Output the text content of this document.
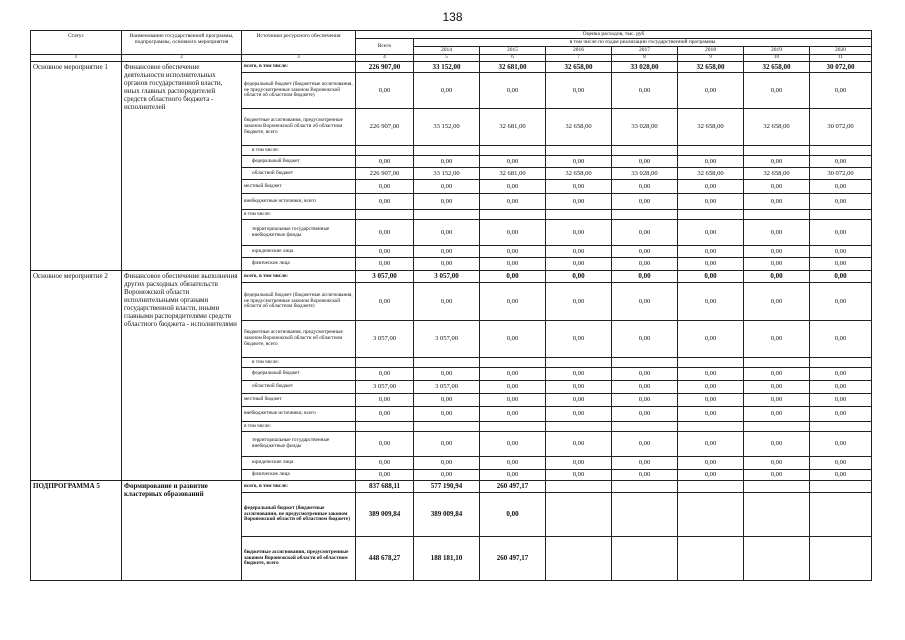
138
Статус	Наименование государственной программы, подпрограммы, основного мероприятия	Источники ресурсного обеспечения	Оценка расходов, тыс. руб							
			Всего	в том числе по годам реализации государственной программы						
				2014	2015	2016	2017	2018	2019	2020
1	2	3	4	5	6	7	8	9	10	11
Основное мероприятие 1	Финансовое обеспечение деятельности исполнительных органов государственной власти, иных главных распорядителей средств областного бюджета - исполнителей	всего, в том числе:	226 907,00	33 152,00	32 681,00	32 658,00	33 028,00	32 658,00	32 658,00	30 072,00
		федеральный бюджет (бюджетные ассигнования, не предусмотренные законом Воронежской области об областном бюджете)	0,00	0,00	0,00	0,00	0,00	0,00	0,00	0,00
		бюджетные ассигнования, предусмотренные законом Воронежской области об областном бюджете, всего	226 907,00	33 152,00	32 681,00	32 658,00	33 028,00	32 658,00	32 658,00	30 072,00
		в том числе:								
		федеральный бюджет	0,00	0,00	0,00	0,00	0,00	0,00	0,00	0,00
		областной бюджет	226 907,00	33 152,00	32 681,00	32 658,00	33 028,00	32 658,00	32 658,00	30 072,00
		местный бюджет	0,00	0,00	0,00	0,00	0,00	0,00	0,00	0,00
		внебюджетные источники, всего	0,00	0,00	0,00	0,00	0,00	0,00	0,00	0,00
		в том числе:								
		территориальные государственные внебюджетные фонды	0,00	0,00	0,00	0,00	0,00	0,00	0,00	0,00
		юридические лица	0,00	0,00	0,00	0,00	0,00	0,00	0,00	0,00
		физические лица	0,00	0,00	0,00	0,00	0,00	0,00	0,00	0,00
Основное мероприятие 2	Финансовое обеспечение выполнения других расходных обязательств Воронежской области исполнительными органами государственной власти, иными главными распорядителями средств областного бюджета - исполнителями	всего, в том числе:	3 057,00	3 057,00	0,00	0,00	0,00	0,00	0,00	0,00
		федеральный бюджет (бюджетные ассигнования, не предусмотренные законом Воронежской области об областном бюджете)	0,00	0,00	0,00	0,00	0,00	0,00	0,00	0,00
		бюджетные ассигнования, предусмотренные законом Воронежской области об областном бюджете, всего	3 057,00	3 057,00	0,00	0,00	0,00	0,00	0,00	0,00
		в том числе:								
		федеральный бюджет	0,00	0,00	0,00	0,00	0,00	0,00	0,00	0,00
		областной бюджет	3 057,00	3 057,00	0,00	0,00	0,00	0,00	0,00	0,00
		местный бюджет	0,00	0,00	0,00	0,00	0,00	0,00	0,00	0,00
		внебюджетные источники, всего	0,00	0,00	0,00	0,00	0,00	0,00	0,00	0,00
		в том числе:								
		территориальные государственные внебюджетные фонды	0,00	0,00	0,00	0,00	0,00	0,00	0,00	0,00
		юридические лица	0,00	0,00	0,00	0,00	0,00	0,00	0,00	0,00
		физические лица	0,00	0,00	0,00	0,00	0,00	0,00	0,00	0,00
ПОДПРОГРАММА 5	Формирование и развитие кластерных образований	всего, в том числе:	837 688,11	577 190,94	260 497,17					
		федеральный бюджет (бюджетные ассигнования, не предусмотренные законом Воронежской области об областном бюджете)	389 009,84	389 009,84	0,00					
		бюджетные ассигнования, предусмотренные законом Воронежской области об областном бюджете, всего	448 678,27	188 181,10	260 497,17					
